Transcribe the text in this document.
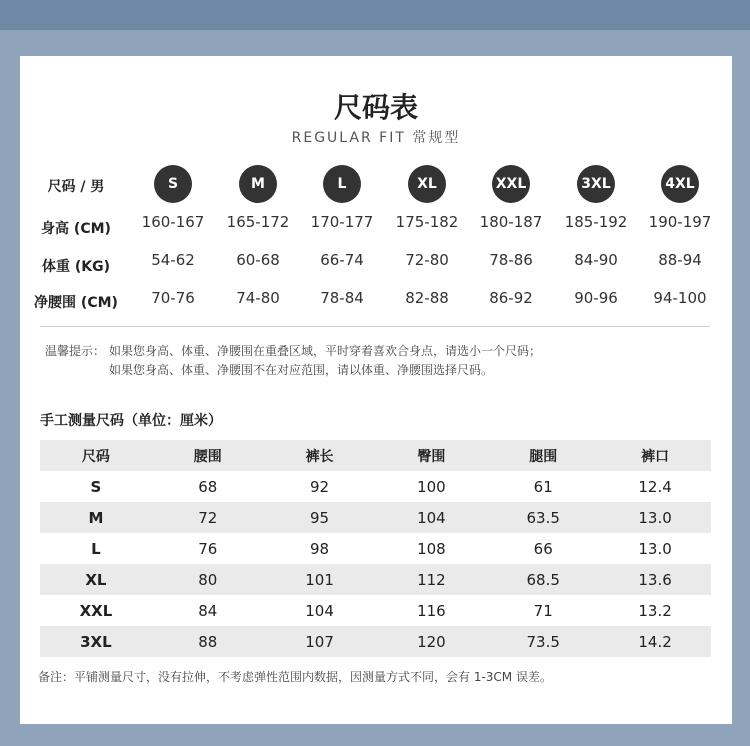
尺码表
REGULAR FIT 常规型
尺码 / 男	S	M	L	XL	XXL	3XL	4XL
身高 (CM)	160-167	165-172	170-177	175-182	180-187	185-192	190-197
体重 (KG)	54-62	60-68	66-74	72-80	78-86	84-90	88-94
净腰围 (CM)	70-76	74-80	78-84	82-88	86-92	90-96	94-100
温馨提示： 如果您身高、体重、净腰围在重叠区域，平时穿着喜欢合身点，请选小一个尺码；
如果您身高、体重、净腰围不在对应范围，请以体重、净腰围选择尺码。
手工测量尺码（单位：厘米）
尺码	腰围	裤长	臀围	腿围	裤口
S	68	92	100	61	12.4
M	72	95	104	63.5	13.0
L	76	98	108	66	13.0
XL	80	101	112	68.5	13.6
XXL	84	104	116	71	13.2
3XL	88	107	120	73.5	14.2
备注：平铺测量尺寸，没有拉伸，不考虑弹性范围内数据，因测量方式不同，会有 1-3CM 误差。
